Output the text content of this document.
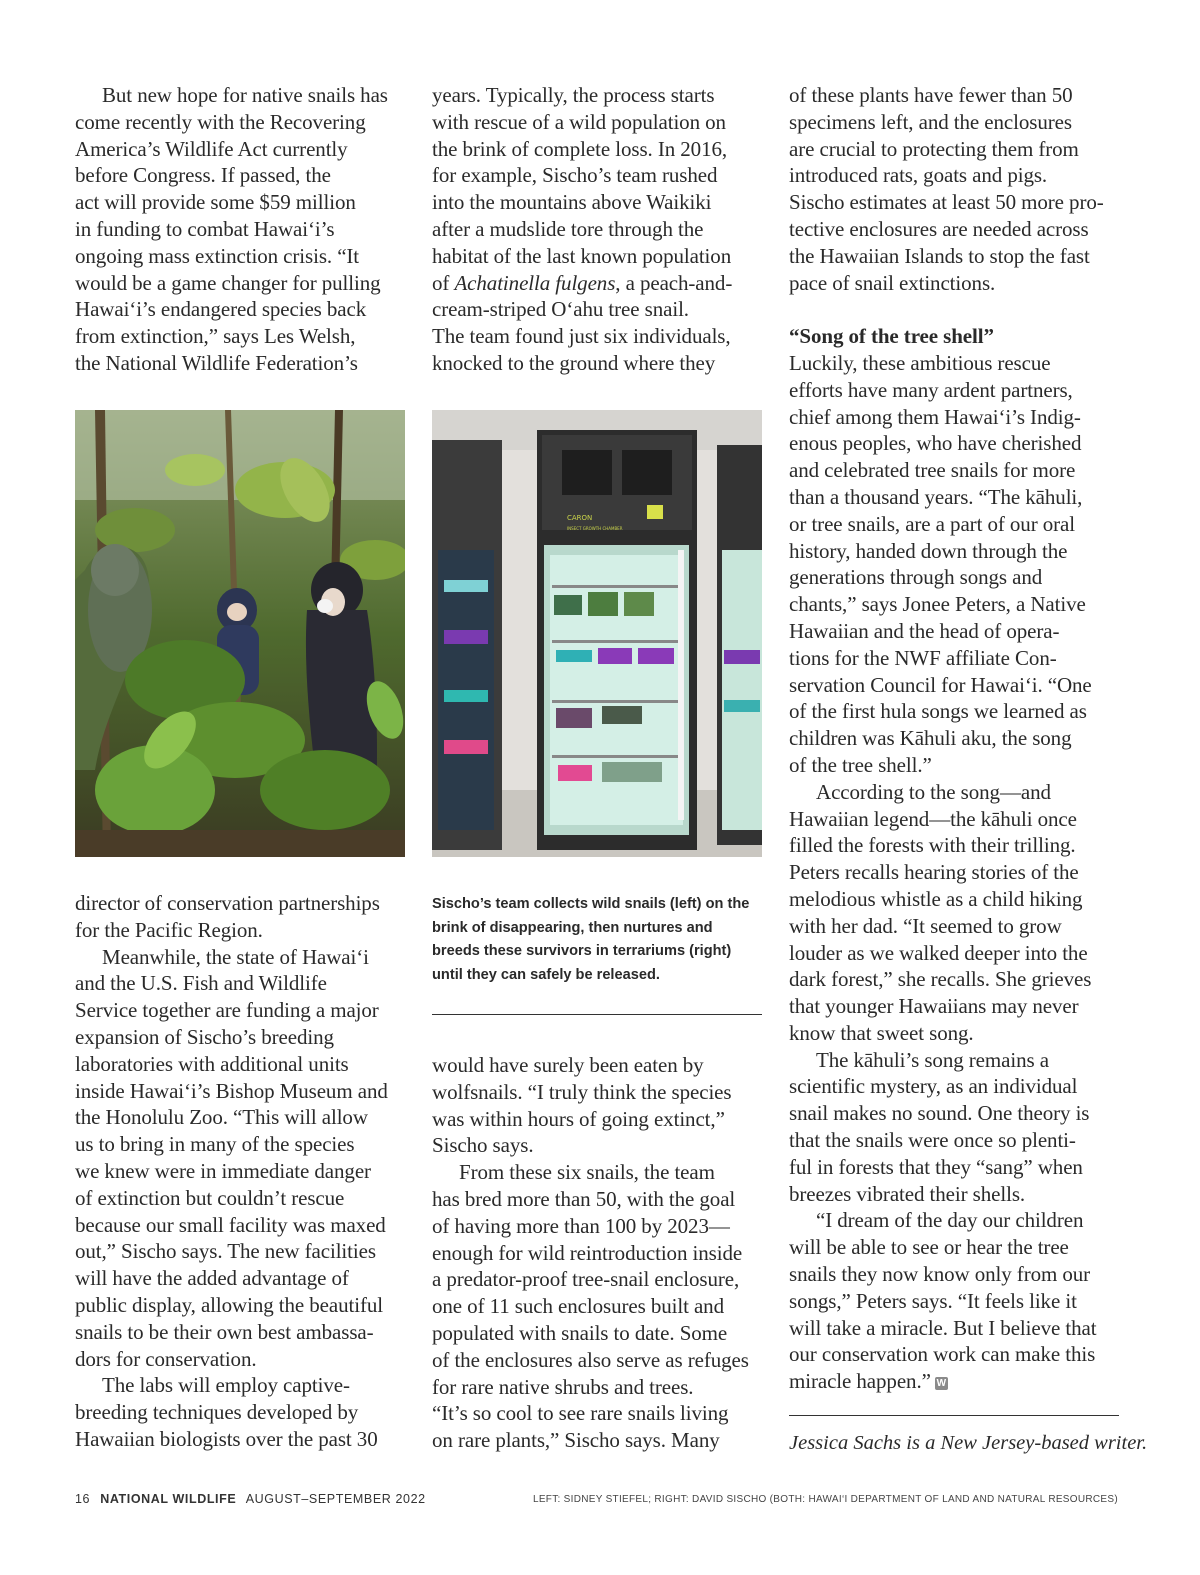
But new hope for native snails has
come recently with the Recovering
America’s Wildlife Act currently
before Congress. If passed, the
act will provide some $59 million
in funding to combat Hawai‘i’s
ongoing mass extinction crisis. “It
would be a game changer for pulling
Hawai‘i’s endangered species back
from extinction,” says Les Welsh,
the National Wildlife Federation’s
CARON
INSECT GROWTH CHAMBER
years. Typically, the process starts
with rescue of a wild population on
the brink of complete loss. In 2016,
for example, Sischo’s team rushed
into the mountains above Waikiki
after a mudslide tore through the
habitat of the last known population
of Achatinella fulgens, a peach-and-
cream-striped O‘ahu tree snail.
The team found just six individuals,
knocked to the ground where they
director of conservation partnerships
for the Pacific Region.
Meanwhile, the state of Hawai‘i
and the U.S. Fish and Wildlife
Service together are funding a major
expansion of Sischo’s breeding
laboratories with additional units
inside Hawai‘i’s Bishop Museum and
the Honolulu Zoo. “This will allow
us to bring in many of the species
we knew were in immediate danger
of extinction but couldn’t rescue
because our small facility was maxed
out,” Sischo says. The new facilities
will have the added advantage of
public display, allowing the beautiful
snails to be their own best ambassa-
dors for conservation.
The labs will employ captive-
breeding techniques developed by
Hawaiian biologists over the past 30
Sischo’s team collects wild snails (left) on the brink of disappearing, then nurtures and breeds these survivors in terrariums (right) until they can safely be released.
would have surely been eaten by
wolfsnails. “I truly think the species
was within hours of going extinct,”
Sischo says.
From these six snails, the team
has bred more than 50, with the goal
of having more than 100 by 2023—
enough for wild reintroduction inside
a predator-proof tree-snail enclosure,
one of 11 such enclosures built and
populated with snails to date. Some
of the enclosures also serve as refuges
for rare native shrubs and trees.
“It’s so cool to see rare snails living
on rare plants,” Sischo says. Many
of these plants have fewer than 50
specimens left, and the enclosures
are crucial to protecting them from
introduced rats, goats and pigs.
Sischo estimates at least 50 more pro-
tective enclosures are needed across
the Hawaiian Islands to stop the fast
pace of snail extinctions.

“Song of the tree shell”
Luckily, these ambitious rescue
efforts have many ardent partners,
chief among them Hawai‘i’s Indig-
enous peoples, who have cherished
and celebrated tree snails for more
than a thousand years. “The kāhuli,
or tree snails, are a part of our oral
history, handed down through the
generations through songs and
chants,” says Jonee Peters, a Native
Hawaiian and the head of opera-
tions for the NWF affiliate Con-
servation Council for Hawai‘i. “One
of the first hula songs we learned as
children was Kāhuli aku, the song
of the tree shell.”
According to the song—and
Hawaiian legend—the kāhuli once
filled the forests with their trilling.
Peters recalls hearing stories of the
melodious whistle as a child hiking
with her dad. “It seemed to grow
louder as we walked deeper into the
dark forest,” she recalls. She grieves
that younger Hawaiians may never
know that sweet song.
The kāhuli’s song remains a
scientific mystery, as an individual
snail makes no sound. One theory is
that the snails were once so plenti-
ful in forests that they “sang” when
breezes vibrated their shells.
“I dream of the day our children
will be able to see or hear the tree
snails they now know only from our
songs,” Peters says. “It feels like it
will take a miracle. But I believe that
our conservation work can make this
miracle happen.” W
Jessica Sachs is a New Jersey-based writer.
16 NATIONAL WILDLIFE AUGUST–SEPTEMBER 2022	LEFT: SIDNEY STIEFEL; RIGHT: DAVID SISCHO (BOTH: HAWAI‘I DEPARTMENT OF LAND AND NATURAL RESOURCES)
